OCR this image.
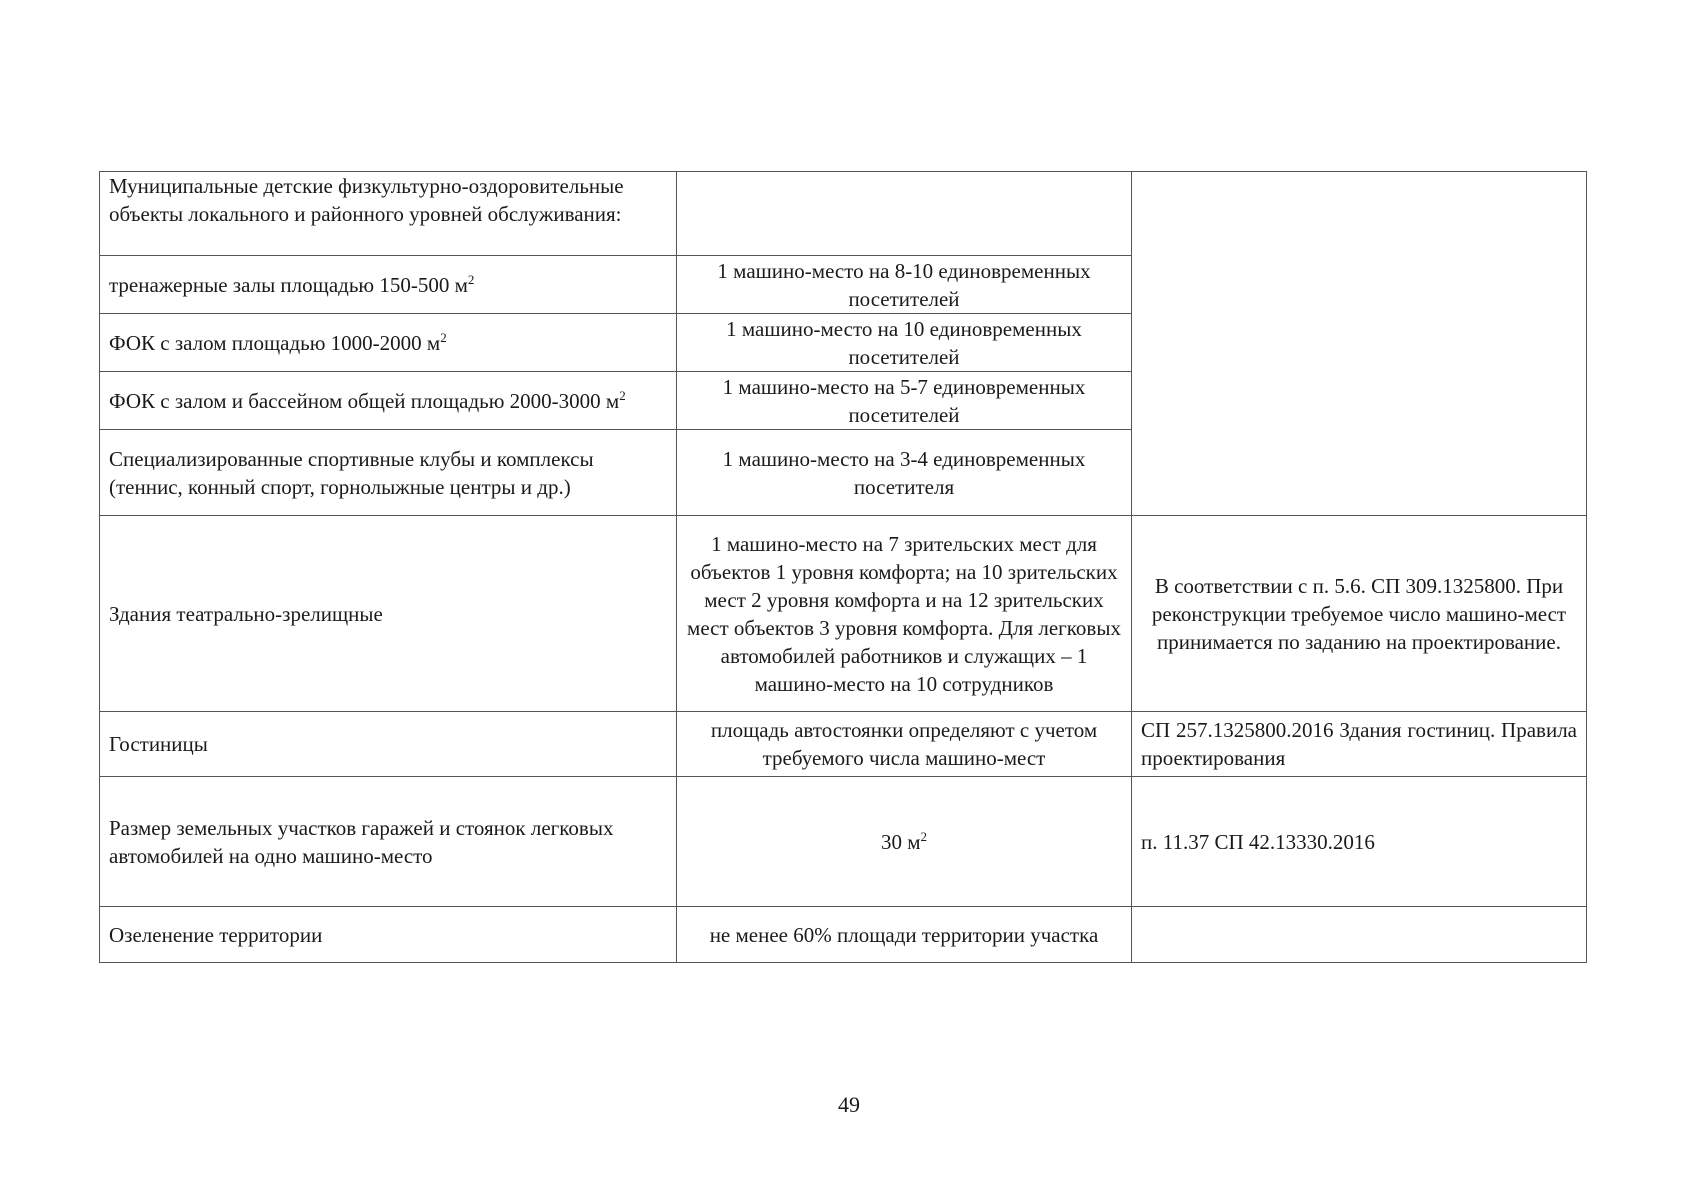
Муниципальные детские физкультурно-оздоровительные объекты локального и районного уровней обслуживания:		
тренажерные залы площадью 150-500 $м^2$	1 машино-место на 8-10 единовременных посетителей	
ФОК с залом площадью 1000-2000 $м^2$	1 машино-место на 10 единовременных посетителей	
ФОК с залом и бассейном общей площадью 2000-3000 $м^2$	1 машино-место на 5-7 единовременных посетителей	
Специализированные спортивные клубы и комплексы (теннис, конный спорт, горнолыжные центры и др.)	1 машино-место на 3-4 единовременных посетителя	
Здания театрально-зрелищные	1 машино-место на 7 зрительских мест для объектов 1 уровня комфорта; на 10 зрительских мест 2 уровня комфорта и на 12 зрительских мест объектов 3 уровня комфорта. Для легковых автомобилей работников и служащих – 1 машино-место на 10 сотрудников	В соответствии с п. 5.6. СП 309.1325800. При реконструкции требуемое число машино-мест принимается по заданию на проектирование.
Гостиницы	площадь автостоянки определяют с учетом требуемого числа машино-мест	СП 257.1325800.2016 Здания гостиниц. Правила проектирования
Размер земельных участков гаражей и стоянок легковых автомобилей на одно машино-место	30 $м^2$	п. 11.37 СП 42.13330.2016
Озеленение территории	не менее 60% площади территории участка	
49
